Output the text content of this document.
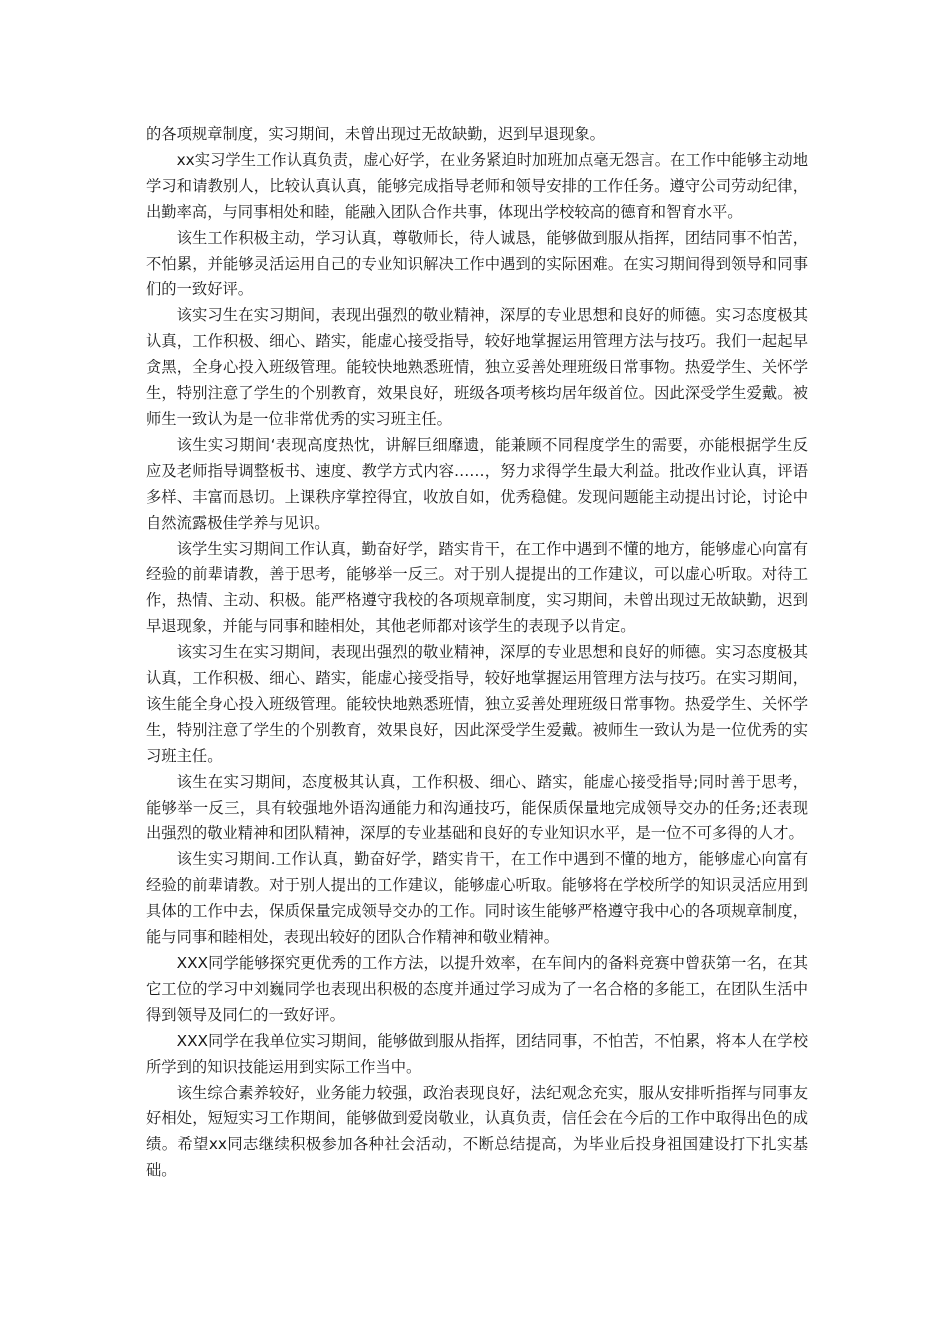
的各项规章制度，实习期间，未曾出现过无故缺勤，迟到早退现象。

xx实习学生工作认真负责，虚心好学，在业务紧迫时加班加点毫无怨言。在工作中能够主动地学习和请教别人，比较认真认真，能够完成指导老师和领导安排的工作任务。遵守公司劳动纪律，出勤率高，与同事相处和睦，能融入团队合作共事，体现出学校较高的德育和智育水平。

该生工作积极主动，学习认真，尊敬师长，待人诚恳，能够做到服从指挥，团结同事不怕苦，不怕累，并能够灵活运用自己的专业知识解决工作中遇到的实际困难。在实习期间得到领导和同事们的一致好评。

该实习生在实习期间，表现出强烈的敬业精神，深厚的专业思想和良好的师德。实习态度极其认真，工作积极、细心、踏实，能虚心接受指导，较好地掌握运用管理方法与技巧。我们一起起早贪黑，全身心投入班级管理。能较快地熟悉班情，独立妥善处理班级日常事物。热爱学生、关怀学生，特别注意了学生的个别教育，效果良好，班级各项考核均居年级首位。因此深受学生爱戴。被师生一致认为是一位非常优秀的实习班主任。

该生实习期间‘表现高度热忱，讲解巨细靡遗，能兼顾不同程度学生的需要，亦能根据学生反应及老师指导调整板书、速度、教学方式内容……，努力求得学生最大利益。批改作业认真，评语多样、丰富而恳切。上课秩序掌控得宜，收放自如，优秀稳健。发现问题能主动提出讨论，讨论中自然流露极佳学养与见识。

该学生实习期间工作认真，勤奋好学，踏实肯干，在工作中遇到不懂的地方，能够虚心向富有经验的前辈请教，善于思考，能够举一反三。对于别人提提出的工作建议，可以虚心听取。对待工作，热情、主动、积极。能严格遵守我校的各项规章制度，实习期间，未曾出现过无故缺勤，迟到早退现象，并能与同事和睦相处，其他老师都对该学生的表现予以肯定。

该实习生在实习期间，表现出强烈的敬业精神，深厚的专业思想和良好的师德。实习态度极其认真，工作积极、细心、踏实，能虚心接受指导，较好地掌握运用管理方法与技巧。在实习期间，该生能全身心投入班级管理。能较快地熟悉班情，独立妥善处理班级日常事物。热爱学生、关怀学生，特别注意了学生的个别教育，效果良好，因此深受学生爱戴。被师生一致认为是一位优秀的实习班主任。

该生在实习期间，态度极其认真，工作积极、细心、踏实，能虚心接受指导;同时善于思考，能够举一反三，具有较强地外语沟通能力和沟通技巧，能保质保量地完成领导交办的任务;还表现出强烈的敬业精神和团队精神，深厚的专业基础和良好的专业知识水平，是一位不可多得的人才。

该生实习期间.工作认真，勤奋好学，踏实肯干，在工作中遇到不懂的地方，能够虚心向富有经验的前辈请教。对于别人提出的工作建议，能够虚心听取。能够将在学校所学的知识灵活应用到具体的工作中去，保质保量完成领导交办的工作。同时该生能够严格遵守我中心的各项规章制度，能与同事和睦相处，表现出较好的团队合作精神和敬业精神。

XXX同学能够探究更优秀的工作方法，以提升效率，在车间内的备料竞赛中曾获第一名，在其它工位的学习中刘巍同学也表现出积极的态度并通过学习成为了一名合格的多能工，在团队生活中得到领导及同仁的一致好评。

XXX同学在我单位实习期间，能够做到服从指挥，团结同事，不怕苦，不怕累，将本人在学校所学到的知识技能运用到实际工作当中。

该生综合素养较好，业务能力较强，政治表现良好，法纪观念充实，服从安排听指挥与同事友好相处，短短实习工作期间，能够做到爱岗敬业，认真负责，信任会在今后的工作中取得出色的成绩。希望xx同志继续积极参加各种社会活动，不断总结提高，为毕业后投身祖国建设打下扎实基础。
